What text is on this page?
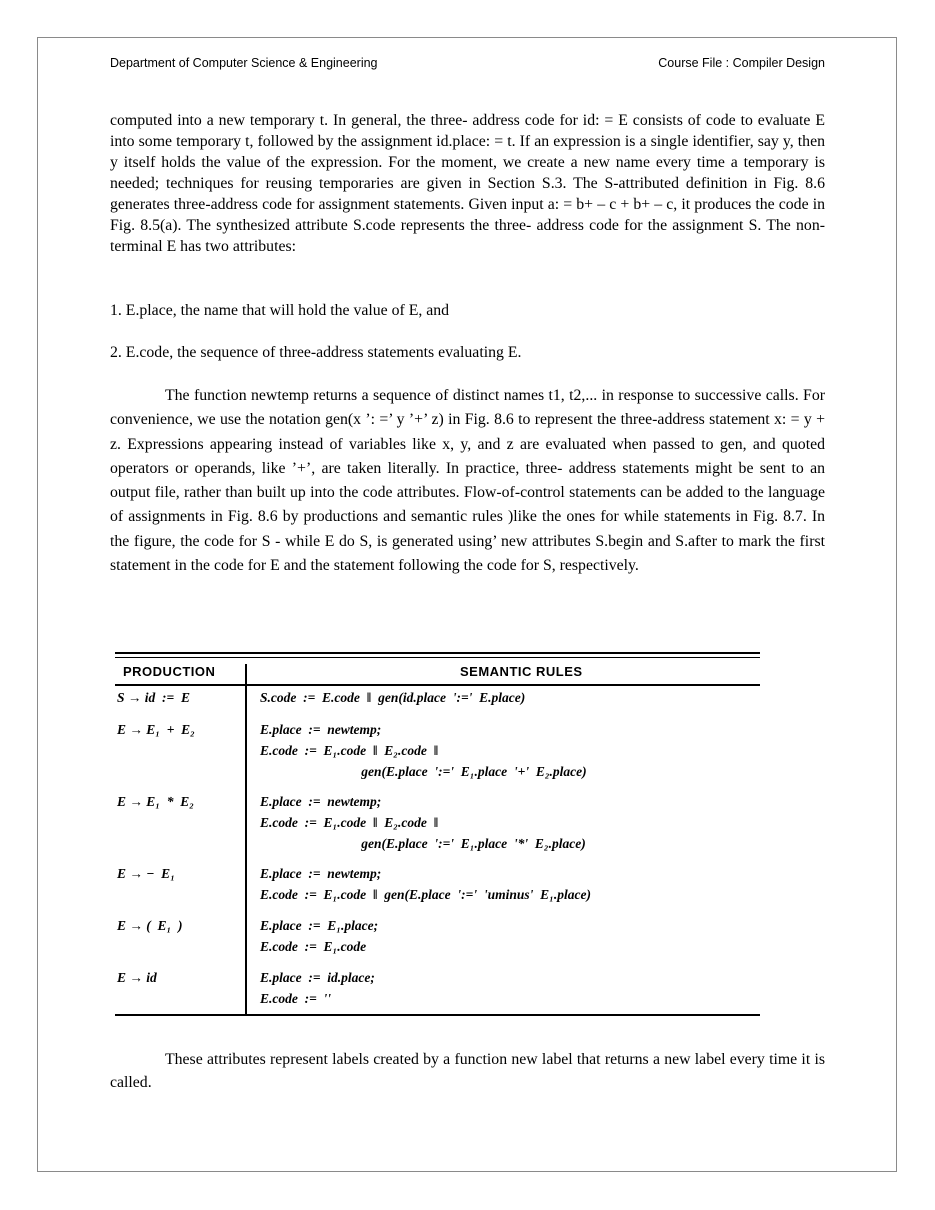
Department of Computer Science & Engineering	Course File : Compiler Design

computed into a new temporary t. In general, the three- address code for id: = E consists of code to evaluate E into some temporary t, followed by the assignment id.place: = t. If an expression is a single identifier, say y, then y itself holds the value of the expression. For the moment, we create a new name every time a temporary is needed; techniques for reusing temporaries are given in Section S.3. The S-attributed definition in Fig. 8.6 generates three-address code for assignment statements. Given input a: = b+ – c + b+ – c, it produces the code in Fig. 8.5(a). The synthesized attribute S.code represents the three- address code for the assignment S. The non-terminal E has two attributes:

1. E.place, the name that will hold the value of E, and

2. E.code, the sequence of three-address statements evaluating E.

The function newtemp returns a sequence of distinct names t1, t2,... in response to successive calls. For convenience, we use the notation gen(x ’: =’ y ’+’ z) in Fig. 8.6 to represent the three-address statement x: = y + z. Expressions appearing instead of variables like x, y, and z are evaluated when passed to gen, and quoted operators or operands, like ’+’, are taken literally. In practice, three- address statements might be sent to an output file, rather than built up into the code attributes. Flow-of-control statements can be added to the language of assignments in Fig. 8.6 by productions and semantic rules )like the ones for while statements in Fig. 8.7. In the figure, the code for S - while E do S, is generated using’ new attributes S.begin and S.after to mark the first statement in the code for E and the statement following the code for S, respectively.

PRODUCTION	SEMANTIC RULES
S → id  :=  E	S.code  :=  E.code  ‖  gen(id.place  ':='  E.place)
E → E₁  +  E₂	E.place  :=  newtemp;
E.code  :=  E₁.code  ‖  E₂.code  ‖
gen(E.place  ':='  E₁.place  '+'  E₂.place)
E → E₁  *  E₂	E.place  :=  newtemp;
E.code  :=  E₁.code  ‖  E₂.code  ‖
gen(E.place  ':='  E₁.place  '*'  E₂.place)
E → −  E₁	E.place  :=  newtemp;
E.code  :=  E₁.code  ‖  gen(E.place  ':='  'uminus'  E₁.place)
E → (  E₁  )	E.place  :=  E₁.place;
E.code  :=  E₁.code
E → id	E.place  :=  id.place;
E.code  :=  ''

These attributes represent labels created by a function new label that returns a new label every time it is called.
